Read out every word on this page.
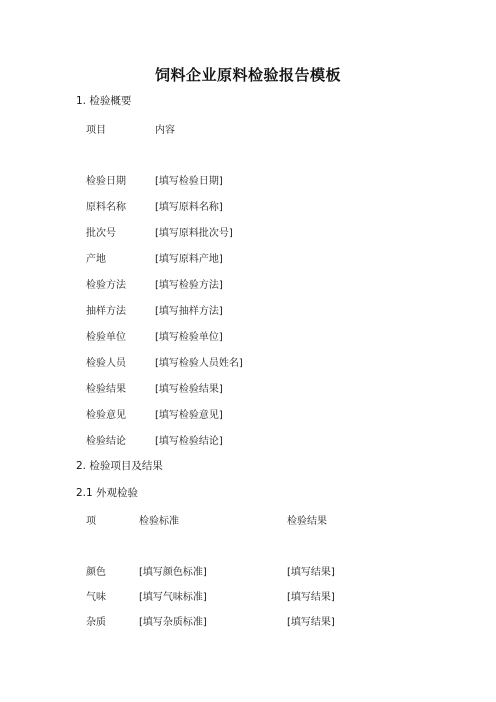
饲料企业原料检验报告模板
1. 检验概要
项目	内容
检验日期	[填写检验日期]
原料名称	[填写原料名称]
批次号	[填写原料批次号]
产地	[填写原料产地]
检验方法	[填写检验方法]
抽样方法	[填写抽样方法]
检验单位	[填写检验单位]
检验人员	[填写检验人员姓名]
检验结果	[填写检验结果]
检验意见	[填写检验意见]
检验结论	[填写检验结论]
2. 检验项目及结果
2.1 外观检验
项	检验标准	检验结果
颜色	[填写颜色标准]	[填写结果]
气味	[填写气味标准]	[填写结果]
杂质	[填写杂质标准]	[填写结果]
